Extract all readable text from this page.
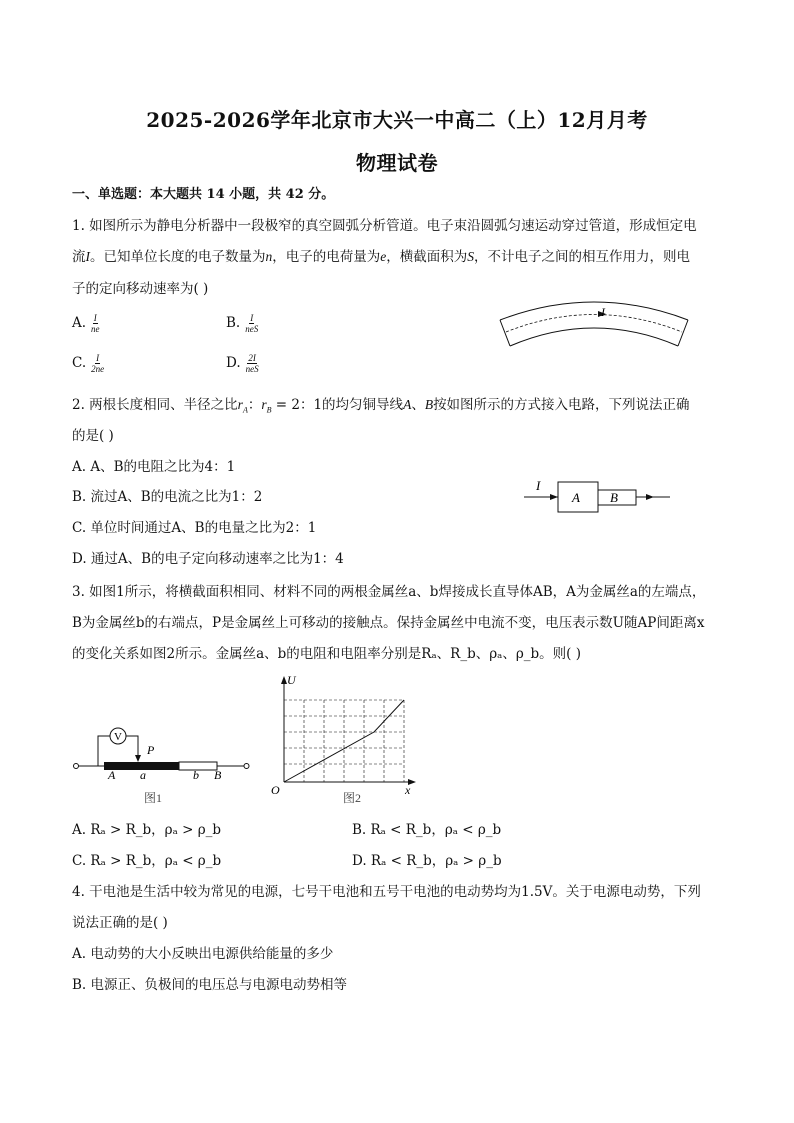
2025-2026学年北京市大兴一中高二（上）12月月考
物理试卷
一、单选题：本大题共 14 小题，共 42 分。
1. 如图所示为静电分析器中一段极窄的真空圆弧分析管道。电子束沿圆弧匀速运动穿过管道，形成恒定电
流I。已知单位长度的电子数量为n，电子的电荷量为e，横截面积为S，不计电子之间的相互作用力，则电
子的定向移动速率为( )
A. $\frac{I}{ne}$	B. $\frac{I}{\text{neS}}$
C. $\frac{I}{2ne}$	D. $\frac{2I}{\text{neS}}$
I
2. 两根长度相同、半径之比$r_A$：$r_B = 2$：1的均匀铜导线A、B按如图所示的方式接入电路，下列说法正确
的是( )
A. A、B的电阻之比为4：1
B. 流过A、B的电流之比为1：2
C. 单位时间通过A、B的电量之比为2：1
D. 通过A、B的电子定向移动速率之比为1：4
I
A B
3. 如图1所示，将横截面积相同、材料不同的两根金属丝a、b焊接成长直导体AB，A为金属丝a的左端点，
B为金属丝b的右端点，P是金属丝上可移动的接触点。保持金属丝中电流不变，电压表示数U随AP间距离x
的变化关系如图2所示。金属丝a、b的电阻和电阻率分别是Rₐ、R_b、ρₐ、ρ_b。则( )
V
P
A a	b B
图1
U
O	x
图2
A. Rₐ > R_b，ρₐ > ρ_b	B. Rₐ < R_b，ρₐ < ρ_b
C. Rₐ > R_b，ρₐ < ρ_b	D. Rₐ < R_b，ρₐ > ρ_b
4. 干电池是生活中较为常见的电源，七号干电池和五号干电池的电动势均为1.5V。关于电源电动势，下列
说法正确的是( )
A. 电动势的大小反映出电源供给能量的多少
B. 电源正、负极间的电压总与电源电动势相等
